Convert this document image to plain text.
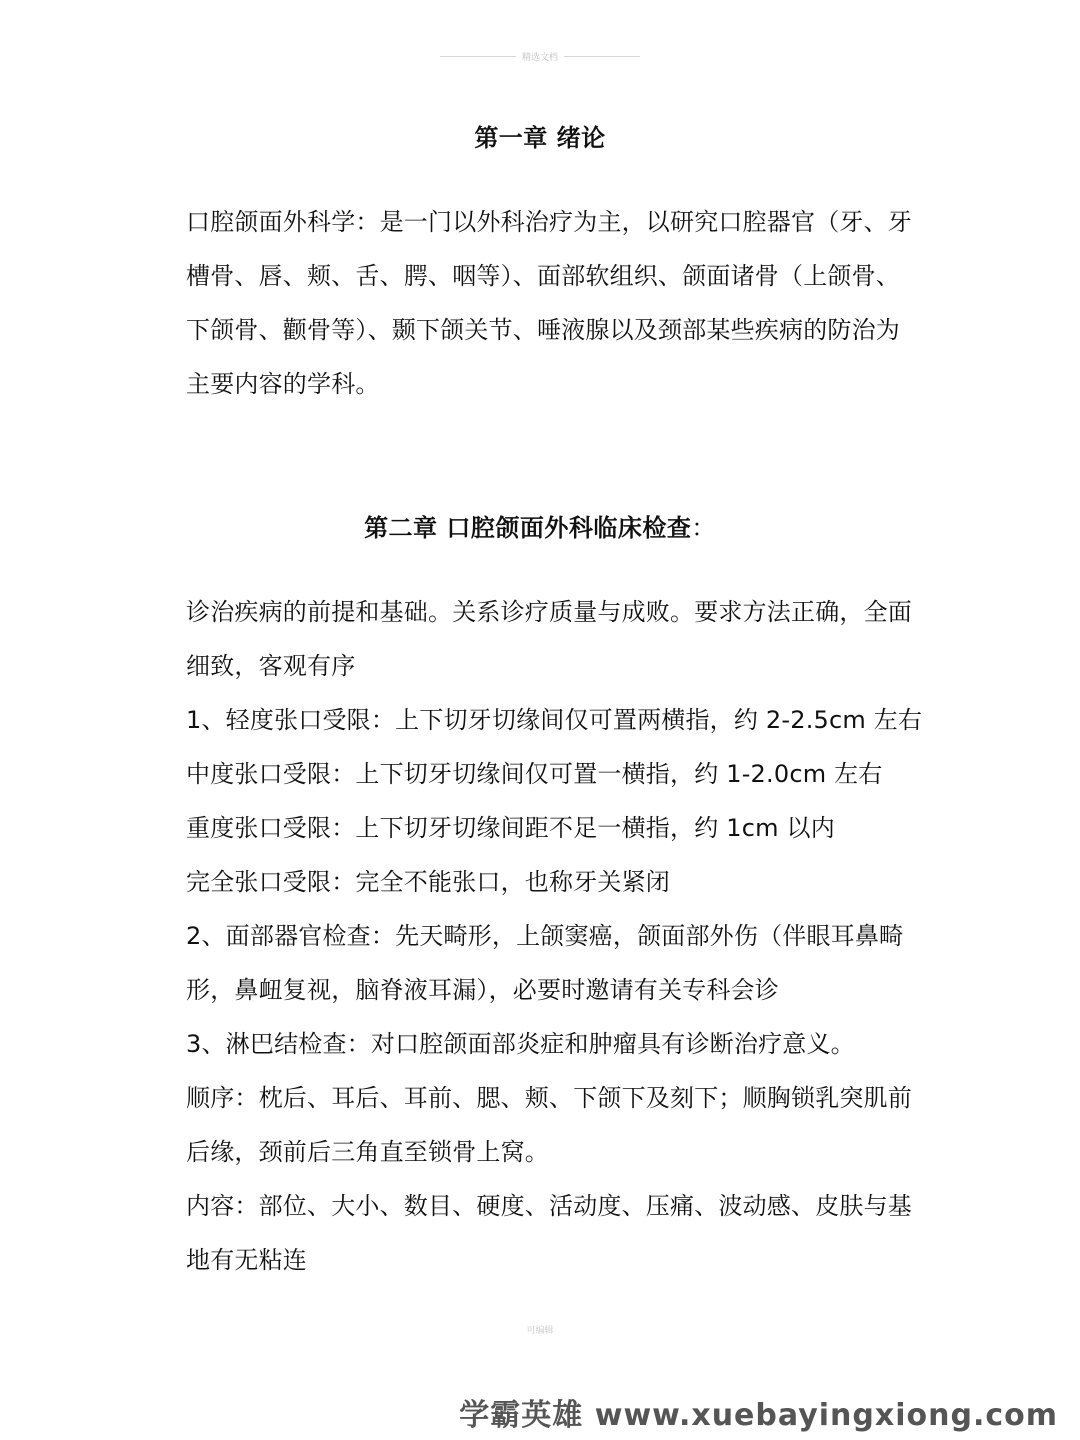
精选文档
第一章 绪论
口腔颌面外科学：是一门以外科治疗为主，以研究口腔器官（牙、牙
槽骨、唇、颊、舌、腭、咽等）、面部软组织、颌面诸骨（上颌骨、
下颌骨、颧骨等）、颞下颌关节、唾液腺以及颈部某些疾病的防治为
主要内容的学科。
第二章 口腔颌面外科临床检查：
诊治疾病的前提和基础。关系诊疗质量与成败。要求方法正确，全面
细致，客观有序
1、轻度张口受限：上下切牙切缘间仅可置两横指，约 2-2.5cm 左右
中度张口受限：上下切牙切缘间仅可置一横指，约 1-2.0cm 左右
重度张口受限：上下切牙切缘间距不足一横指，约 1cm 以内
完全张口受限：完全不能张口，也称牙关紧闭
2、面部器官检查：先天畸形，上颌窦癌，颌面部外伤（伴眼耳鼻畸
形，鼻衄复视，脑脊液耳漏），必要时邀请有关专科会诊
3、淋巴结检查：对口腔颌面部炎症和肿瘤具有诊断治疗意义。
顺序：枕后、耳后、耳前、腮、颊、下颌下及刻下；顺胸锁乳突肌前
后缘，颈前后三角直至锁骨上窝。
内容：部位、大小、数目、硬度、活动度、压痛、波动感、皮肤与基
地有无粘连
可编辑
学霸英雄 www.xuebayingxiong.com
